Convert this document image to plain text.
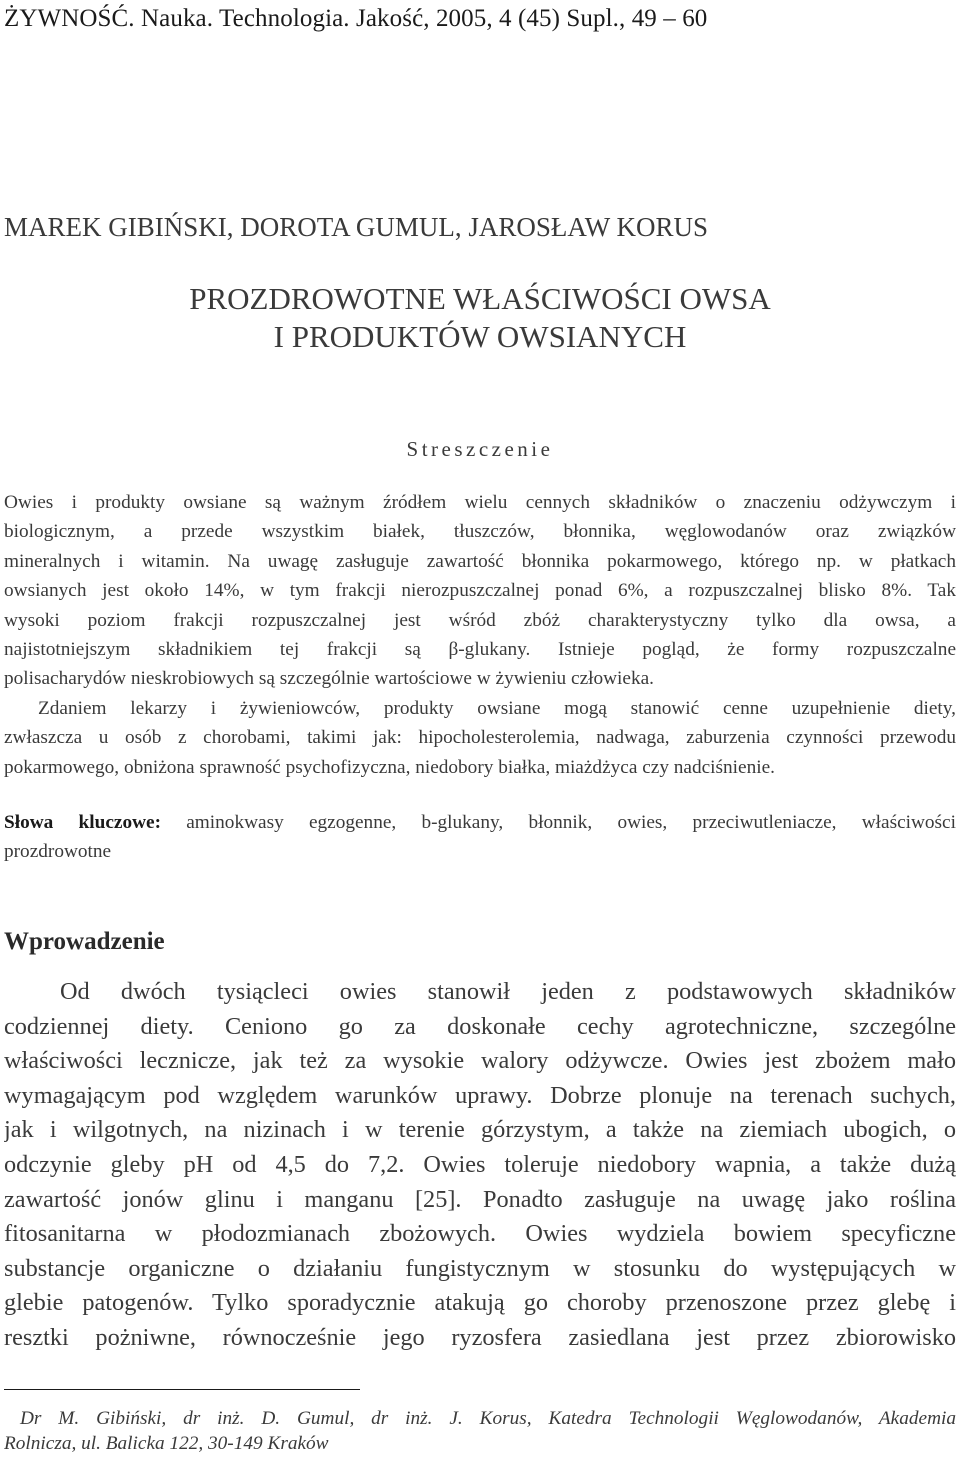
ŻYWNOŚĆ. Nauka. Technologia. Jakość, 2005, 4 (45) Supl., 49 – 60
MAREK GIBIŃSKI, DOROTA GUMUL, JAROSŁAW KORUS
PROZDROWOTNE WŁAŚCIWOŚCI OWSA
I PRODUKTÓW OWSIANYCH
Streszczenie
Owies i produkty owsiane są ważnym źródłem wielu cennych składników o znaczeniu odżywczym i
biologicznym, a przede wszystkim białek, tłuszczów, błonnika, węglowodanów oraz związków
mineralnych i witamin. Na uwagę zasługuje zawartość błonnika pokarmowego, którego np. w płatkach
owsianych jest około 14%, w tym frakcji nierozpuszczalnej ponad 6%, a rozpuszczalnej blisko 8%. Tak
wysoki poziom frakcji rozpuszczalnej jest wśród zbóż charakterystyczny tylko dla owsa, a
najistotniejszym składnikiem tej frakcji są β-glukany. Istnieje pogląd, że formy rozpuszczalne
polisacharydów nieskrobiowych są szczególnie wartościowe w żywieniu człowieka.
Zdaniem lekarzy i żywieniowców, produkty owsiane mogą stanowić cenne uzupełnienie diety,
zwłaszcza u osób z chorobami, takimi jak: hipocholesterolemia, nadwaga, zaburzenia czynności przewodu
pokarmowego, obniżona sprawność psychofizyczna, niedobory białka, miażdżyca czy nadciśnienie.
Słowa kluczowe: aminokwasy egzogenne, b-glukany, błonnik, owies, przeciwutleniacze, właściwości
prozdrowotne
Wprowadzenie
Od dwóch tysiącleci owies stanowił jeden z podstawowych składników
codziennej diety. Ceniono go za doskonałe cechy agrotechniczne, szczególne
właściwości lecznicze, jak też za wysokie walory odżywcze. Owies jest zbożem mało
wymagającym pod względem warunków uprawy. Dobrze plonuje na terenach suchych,
jak i wilgotnych, na nizinach i w terenie górzystym, a także na ziemiach ubogich, o
odczynie gleby pH od 4,5 do 7,2. Owies toleruje niedobory wapnia, a także dużą
zawartość jonów glinu i manganu [25]. Ponadto zasługuje na uwagę jako roślina
fitosanitarna w płodozmianach zbożowych. Owies wydziela bowiem specyficzne
substancje organiczne o działaniu fungistycznym w stosunku do występujących w
glebie patogenów. Tylko sporadycznie atakują go choroby przenoszone przez glebę i
resztki pożniwne, równocześnie jego ryzosfera zasiedlana jest przez zbiorowisko
Dr M. Gibiński, dr inż. D. Gumul, dr inż. J. Korus, Katedra Technologii Węglowodanów, Akademia
Rolnicza, ul. Balicka 122, 30-149 Kraków
